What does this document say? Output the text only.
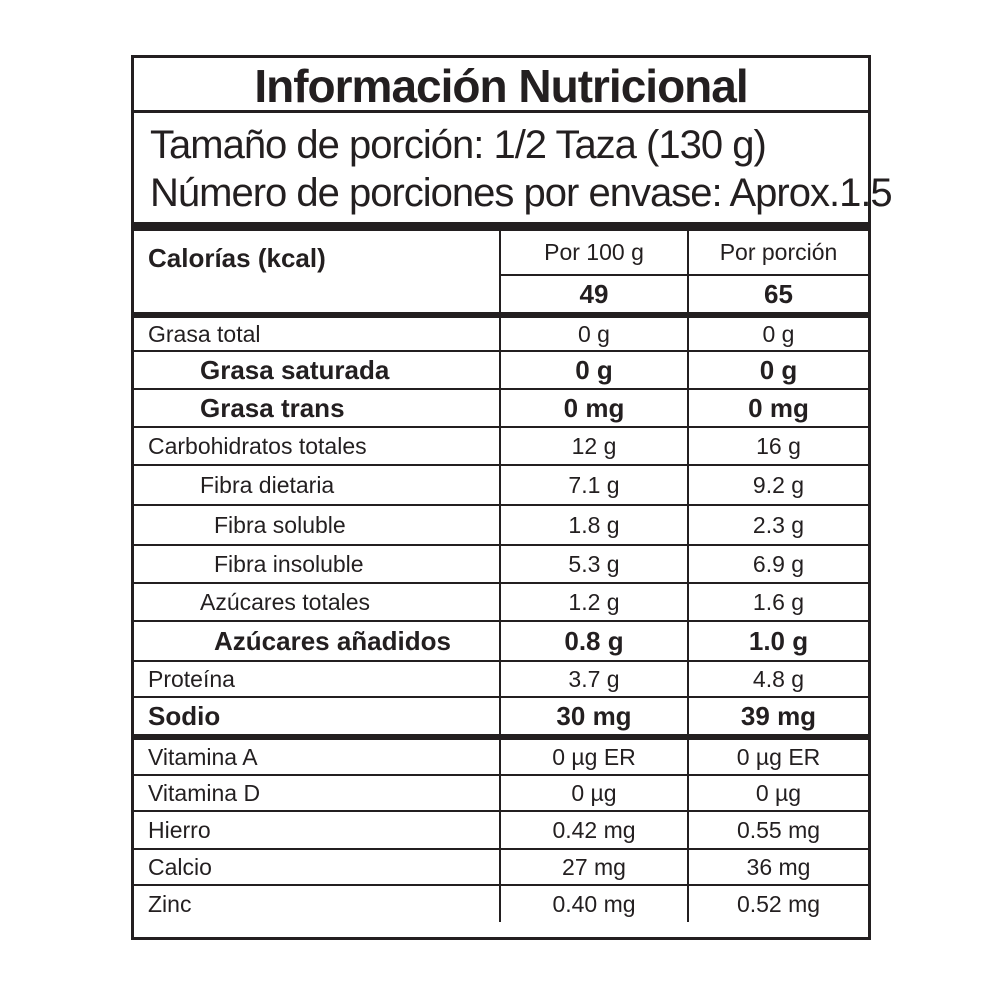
Información Nutricional
Tamaño de porción: 1/2 Taza (130 g)
Número de porciones por envase: Aprox.1.5
Calorías (kcal)	Por 100 g	Por porción
	49	65
Grasa total	0 g	0 g
Grasa saturada	0 g	0 g
Grasa trans	0 mg	0 mg
Carbohidratos totales	12 g	16 g
Fibra dietaria	7.1 g	9.2 g
Fibra soluble	1.8 g	2.3 g
Fibra insoluble	5.3 g	6.9 g
Azúcares totales	1.2 g	1.6 g
Azúcares añadidos	0.8 g	1.0 g
Proteína	3.7 g	4.8 g
Sodio	30 mg	39 mg
Vitamina A	0 µg ER	0 µg ER
Vitamina D	0 µg	0 µg
Hierro	0.42 mg	0.55 mg
Calcio	27 mg	36 mg
Zinc	0.40 mg	0.52 mg
